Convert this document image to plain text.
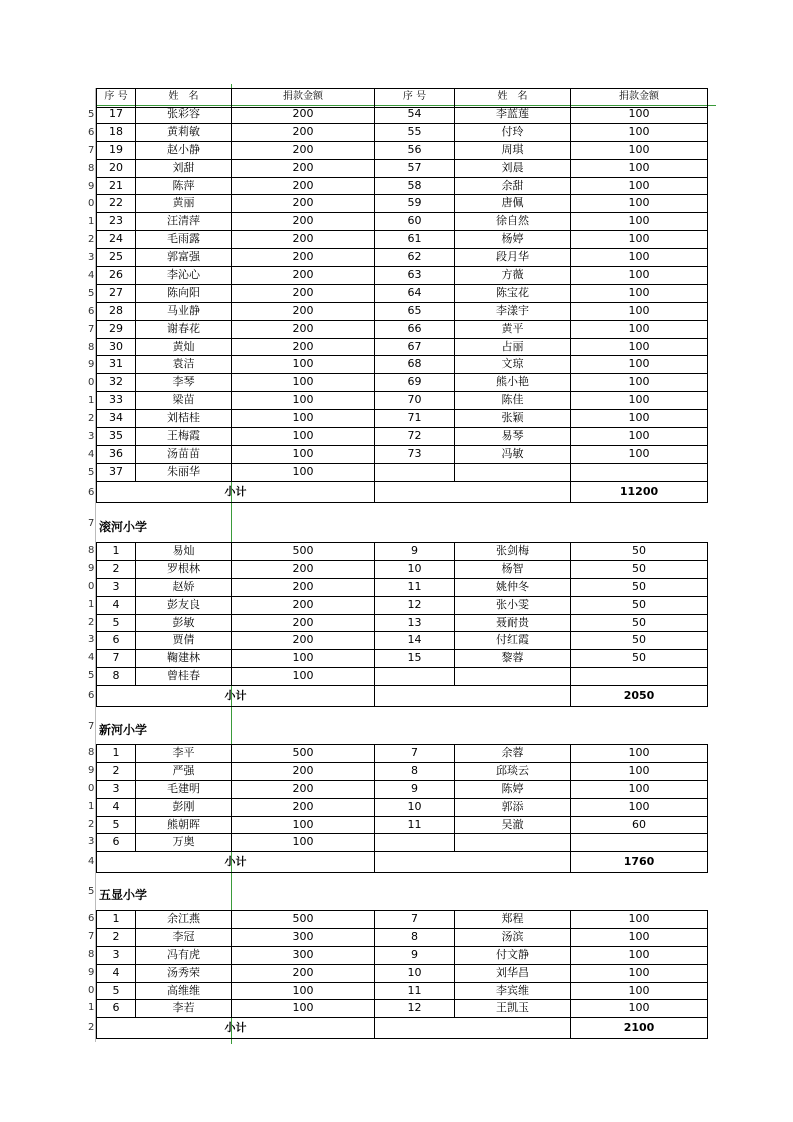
序 号	姓　名	捐款金额	序 号	姓　名	捐款金额
17	张彩容	200	54	李蓝莲	100
18	黄莉敏	200	55	付玲	100
19	赵小静	200	56	周琪	100
20	刘甜	200	57	刘晨	100
21	陈萍	200	58	余甜	100
22	黄丽	200	59	唐佩	100
23	汪清萍	200	60	徐自然	100
24	毛雨露	200	61	杨婷	100
25	郭富强	200	62	段月华	100
26	李沁心	200	63	方薇	100
27	陈向阳	200	64	陈宝花	100
28	马业静	200	65	李漾宇	100
29	谢春花	200	66	黄平	100
30	黄灿	200	67	占丽	100
31	袁洁	100	68	文琼	100
32	李琴	100	69	熊小艳	100
33	梁苗	100	70	陈佳	100
34	刘桔桂	100	71	张颖	100
35	王梅霞	100	72	易琴	100
36	汤苗苗	100	73	冯敏	100
37	朱丽华	100
小计	11200
5
6
7
8
9
0
1
2
3
4
5
6
7
8
9
0
1
2
3
4
5
6
7 滚河小学
1	易灿	500	9	张剑梅	50
2	罗根林	200	10	杨智	50
3	赵娇	200	11	姚仲冬	50
4	彭友良	200	12	张小雯	50
5	彭敏	200	13	聂耐贵	50
6	贾倩	200	14	付红霞	50
7	鞠建林	100	15	黎蓉	50
8	曾桂春	100
小计	2050
8
9
0
1
2
3
4
5
6
7 新河小学
1	李平	500	7	余蓉	100
2	严强	200	8	邱琰云	100
3	毛建明	200	9	陈婷	100
4	彭刚	200	10	郭添	100
5	熊朝晖	100	11	吴澈	60
6	万奥	100
小计	1760
8
9
0
1
2
3
4
5 五显小学
1	余江燕	500	7	郑程	100
2	李冠	300	8	汤滨	100
3	冯有虎	300	9	付文静	100
4	汤秀荣	200	10	刘华昌	100
5	高维维	100	11	李宾维	100
6	李若	100	12	王凯玉	100
小计	2100
6
7
8
9
0
1
2
